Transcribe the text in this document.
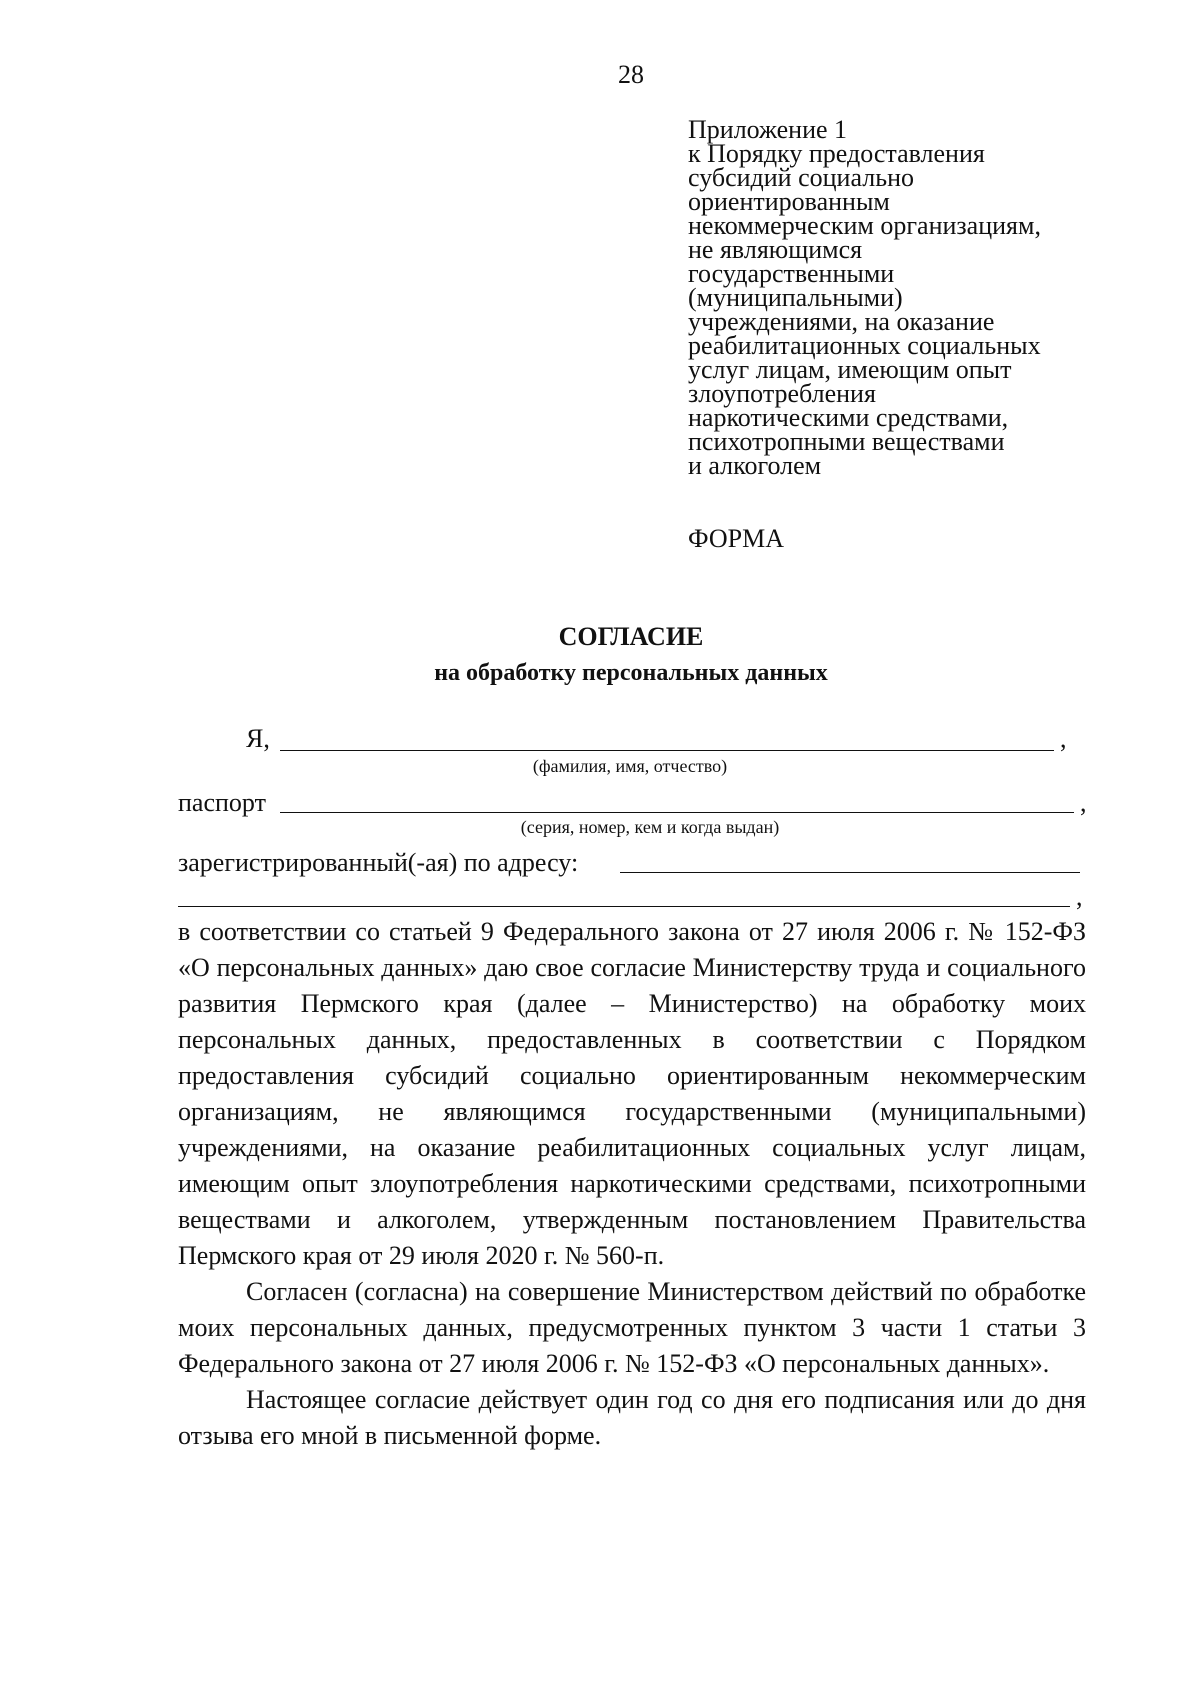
28
Приложение 1
к Порядку предоставления
субсидий социально
ориентированным
некоммерческим организациям,
не являющимся
государственными
(муниципальными)
учреждениями, на оказание
реабилитационных социальных
услуг лицам, имеющим опыт
злоупотребления
наркотическими средствами,
психотропными веществами
и алкоголем
ФОРМА
СОГЛАСИЕ
на обработку персональных данных
Я,	,
(фамилия, имя, отчество)
паспорт	,
(серия, номер, кем и когда выдан)
зарегистрированный(-ая) по адресу:
,

в соответствии со статьей 9 Федерального закона от 27 июля 2006 г. № 152-ФЗ «О персональных данных» даю свое согласие Министерству труда и социального развития Пермского края (далее – Министерство) на обработку моих персональных данных, предоставленных в соответствии с Порядком предоставления субсидий социально ориентированным некоммерческим организациям, не являющимся государственными (муниципальными) учреждениями, на оказание реабилитационных социальных услуг лицам, имеющим опыт злоупотребления наркотическими средствами, психотропными веществами и алкоголем, утвержденным постановлением Правительства Пермского края от 29 июля 2020 г. № 560-п.

Согласен (согласна) на совершение Министерством действий по обработке моих персональных данных, предусмотренных пунктом 3 части 1 статьи 3 Федерального закона от 27 июля 2006 г. № 152-ФЗ «О персональных данных».

Настоящее согласие действует один год со дня его подписания или до дня отзыва его мной в письменной форме.
